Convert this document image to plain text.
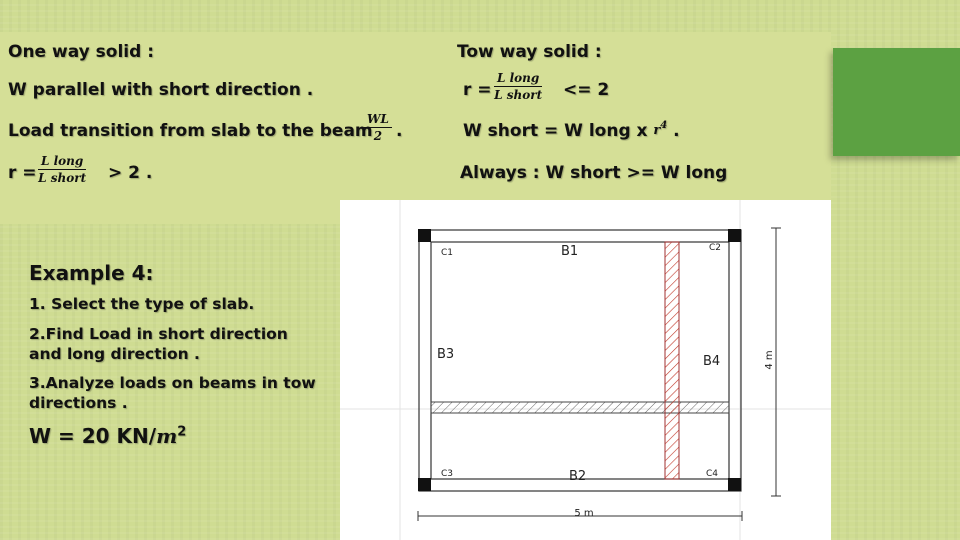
One way solid :
W parallel with short direction .
Load transition from slab to the beam
$\frac{WL}{2}$ .
r =
L long
L short > 2 .
Tow way solid :
r =
L long
L short <= 2
W short = W long x $r^4$ .
Always : W short >= W long
Example 4:
1. Select the type of slab.
2.Find Load in short direction and long direction .
3.Analyze loads on beams in tow directions .
W = 20 $KN/m^2$
C1	C2
C3	C4
B1
B2
B3	B4	4 m
5 m
